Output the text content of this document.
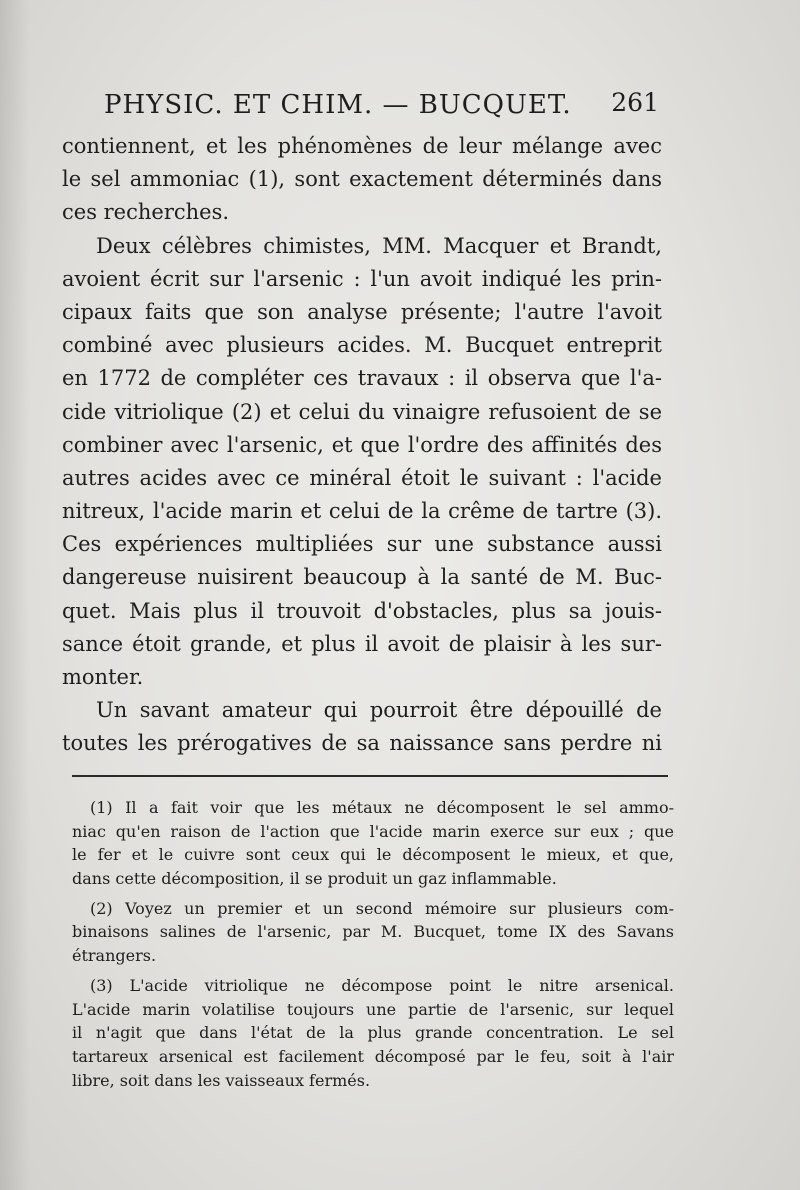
PHYSIC. ET CHIM. — BUCQUET. 261
contiennent, et les phénomènes de leur mélange avec
le sel ammoniac (1), sont exactement déterminés dans
ces recherches.
Deux célèbres chimistes, MM. Macquer et Brandt,
avoient écrit sur l'arsenic : l'un avoit indiqué les prin-
cipaux faits que son analyse présente; l'autre l'avoit
combiné avec plusieurs acides. M. Bucquet entreprit
en 1772 de compléter ces travaux : il observa que l'a-
cide vitriolique (2) et celui du vinaigre refusoient de se
combiner avec l'arsenic, et que l'ordre des affinités des
autres acides avec ce minéral étoit le suivant : l'acide
nitreux, l'acide marin et celui de la crême de tartre (3).
Ces expériences multipliées sur une substance aussi
dangereuse nuisirent beaucoup à la santé de M. Buc-
quet. Mais plus il trouvoit d'obstacles, plus sa jouis-
sance étoit grande, et plus il avoit de plaisir à les sur-
monter.
Un savant amateur qui pourroit être dépouillé de
toutes les prérogatives de sa naissance sans perdre ni
(1) Il a fait voir que les métaux ne décomposent le sel ammo-
niac qu'en raison de l'action que l'acide marin exerce sur eux ; que
le fer et le cuivre sont ceux qui le décomposent le mieux, et que,
dans cette décomposition, il se produit un gaz inflammable.
(2) Voyez un premier et un second mémoire sur plusieurs com-
binaisons salines de l'arsenic, par M. Bucquet, tome IX des Savans
étrangers.
(3) L'acide vitriolique ne décompose point le nitre arsenical.
L'acide marin volatilise toujours une partie de l'arsenic, sur lequel
il n'agit que dans l'état de la plus grande concentration. Le sel
tartareux arsenical est facilement décomposé par le feu, soit à l'air
libre, soit dans les vaisseaux fermés.
